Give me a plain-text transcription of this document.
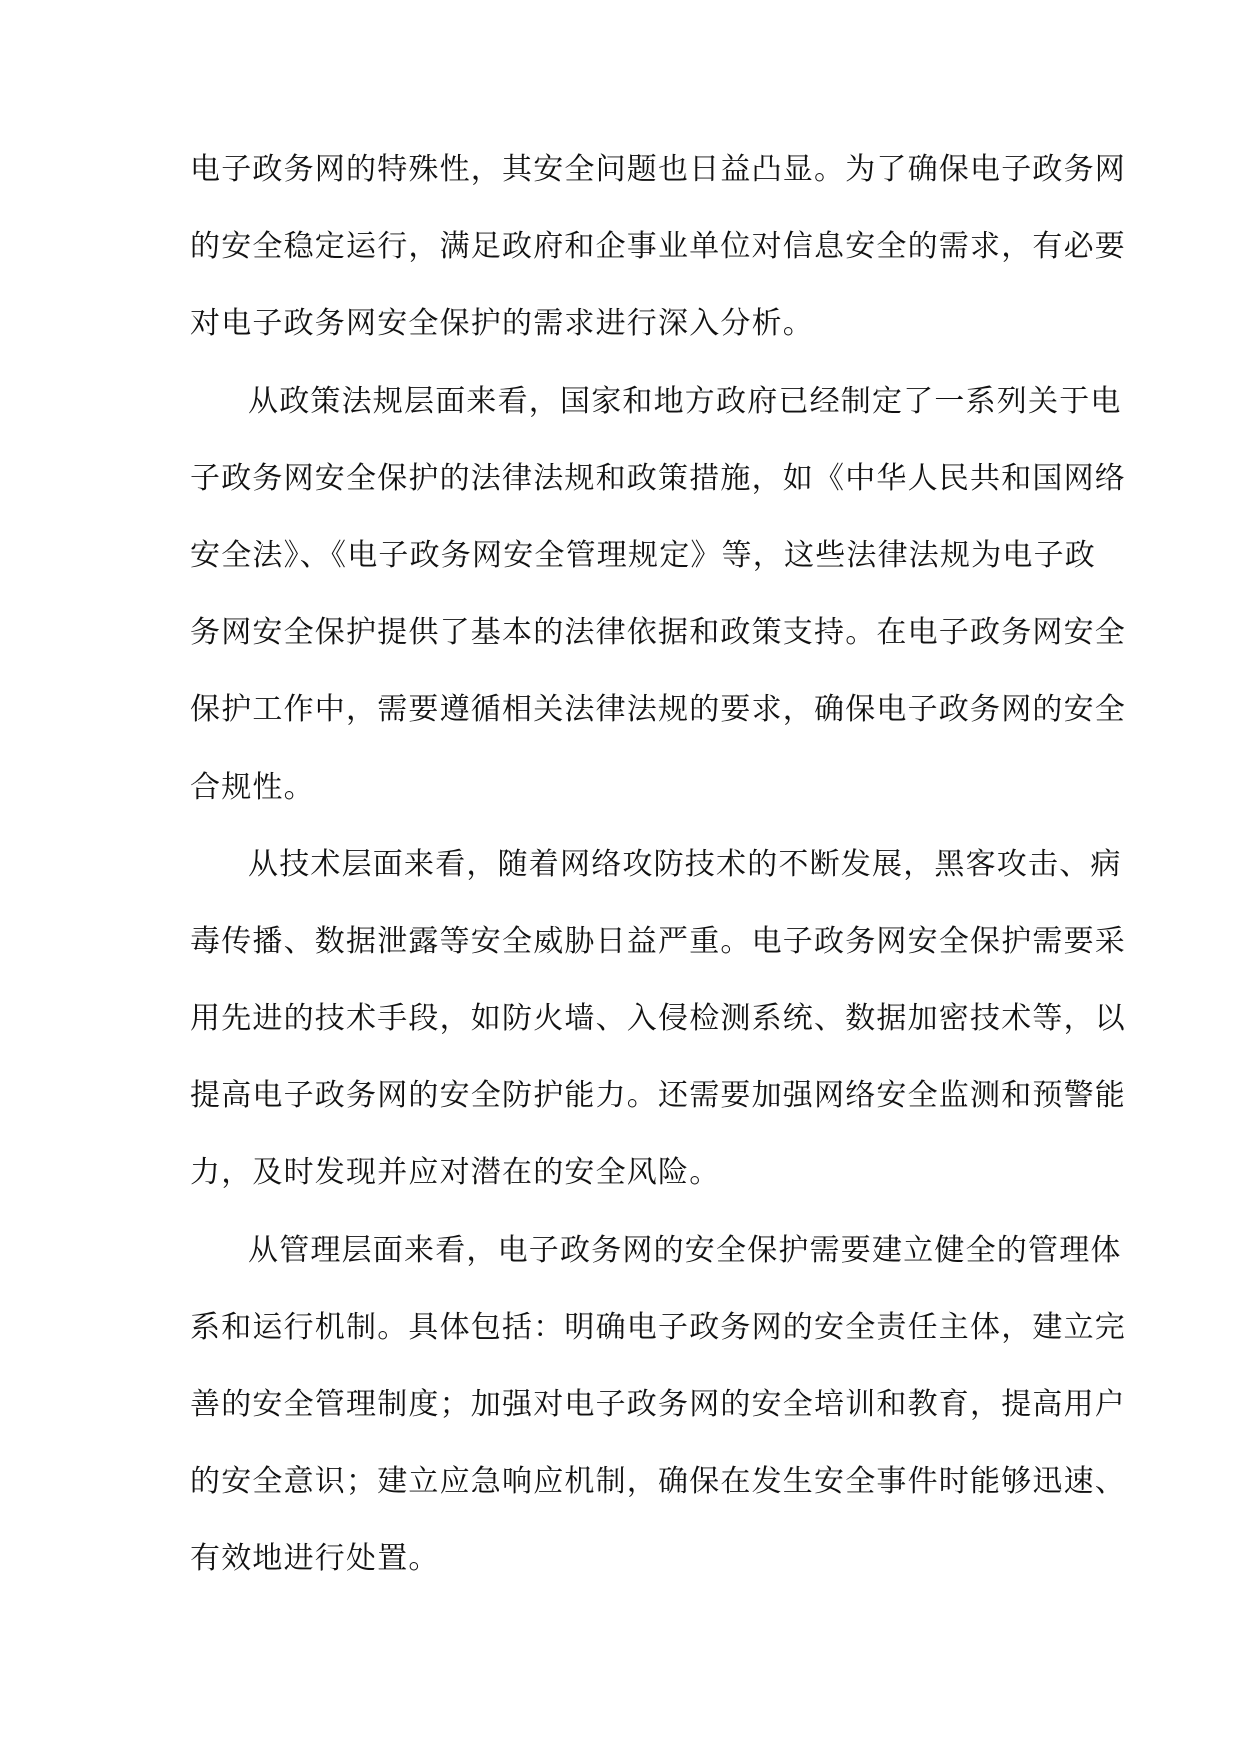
电子政务网的特殊性，其安全问题也日益凸显。为了确保电子政务网
的安全稳定运行，满足政府和企事业单位对信息安全的需求，有必要
对电子政务网安全保护的需求进行深入分析。
从政策法规层面来看，国家和地方政府已经制定了一系列关于电
子政务网安全保护的法律法规和政策措施，如《中华人民共和国网络
安全法》、《电子政务网安全管理规定》等，这些法律法规为电子政
务网安全保护提供了基本的法律依据和政策支持。在电子政务网安全
保护工作中，需要遵循相关法律法规的要求，确保电子政务网的安全
合规性。
从技术层面来看，随着网络攻防技术的不断发展，黑客攻击、病
毒传播、数据泄露等安全威胁日益严重。电子政务网安全保护需要采
用先进的技术手段，如防火墙、入侵检测系统、数据加密技术等，以
提高电子政务网的安全防护能力。还需要加强网络安全监测和预警能
力，及时发现并应对潜在的安全风险。
从管理层面来看，电子政务网的安全保护需要建立健全的管理体
系和运行机制。具体包括：明确电子政务网的安全责任主体，建立完
善的安全管理制度；加强对电子政务网的安全培训和教育，提高用户
的安全意识；建立应急响应机制，确保在发生安全事件时能够迅速、
有效地进行处置。
